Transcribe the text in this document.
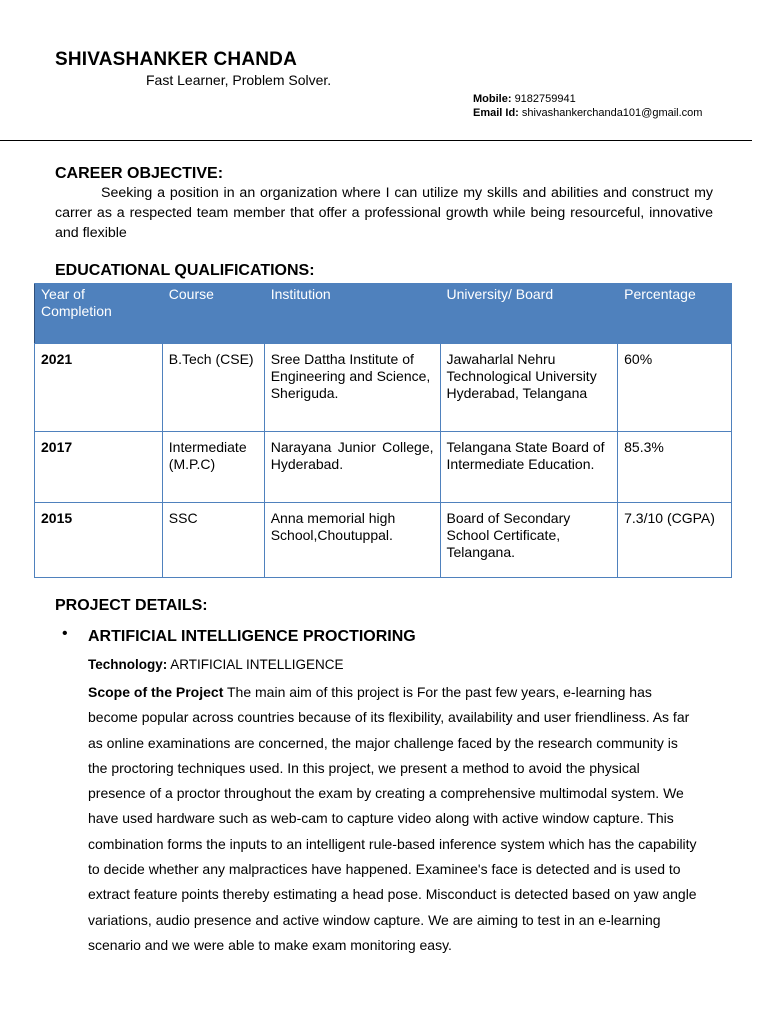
SHIVASHANKER CHANDA
Fast Learner, Problem Solver.
Mobile: 9182759941
Email Id: shivashankerchanda101@gmail.com
CAREER OBJECTIVE:
Seeking a position in an organization where I can utilize my skills and abilities and construct my carrer as a respected team member that offer a professional growth while being resourceful, innovative and flexible
EDUCATIONAL QUALIFICATIONS:
Year of Completion	Course	Institution	University/ Board	Percentage
2021	B.Tech (CSE)	Sree Dattha Institute of Engineering and Science, Sheriguda.	Jawaharlal Nehru Technological University Hyderabad, Telangana	60%
2017	Intermediate (M.P.C)	Narayana Junior College, Hyderabad.	Telangana State Board of Intermediate Education.	85.3%
2015	SSC	Anna memorial high School,Choutuppal.	Board of Secondary School Certificate, Telangana.	7.3/10 (CGPA)
PROJECT DETAILS:
• ARTIFICIAL INTELLIGENCE PROCTIORING
Technology: ARTIFICIAL INTELLIGENCE
Scope of the Project The main aim of this project is For the past few years, e-learning has become popular across countries because of its flexibility, availability and user friendliness. As far as online examinations are concerned, the major challenge faced by the research community is the proctoring techniques used. In this project, we present a method to avoid the physical presence of a proctor throughout the exam by creating a comprehensive multimodal system. We have used hardware such as web-cam to capture video along with active window capture. This combination forms the inputs to an intelligent rule-based inference system which has the capability to decide whether any malpractices have happened. Examinee's face is detected and is used to extract feature points thereby estimating a head pose. Misconduct is detected based on yaw angle variations, audio presence and active window capture. We are aiming to test in an e-learning scenario and we were able to make exam monitoring easy.
